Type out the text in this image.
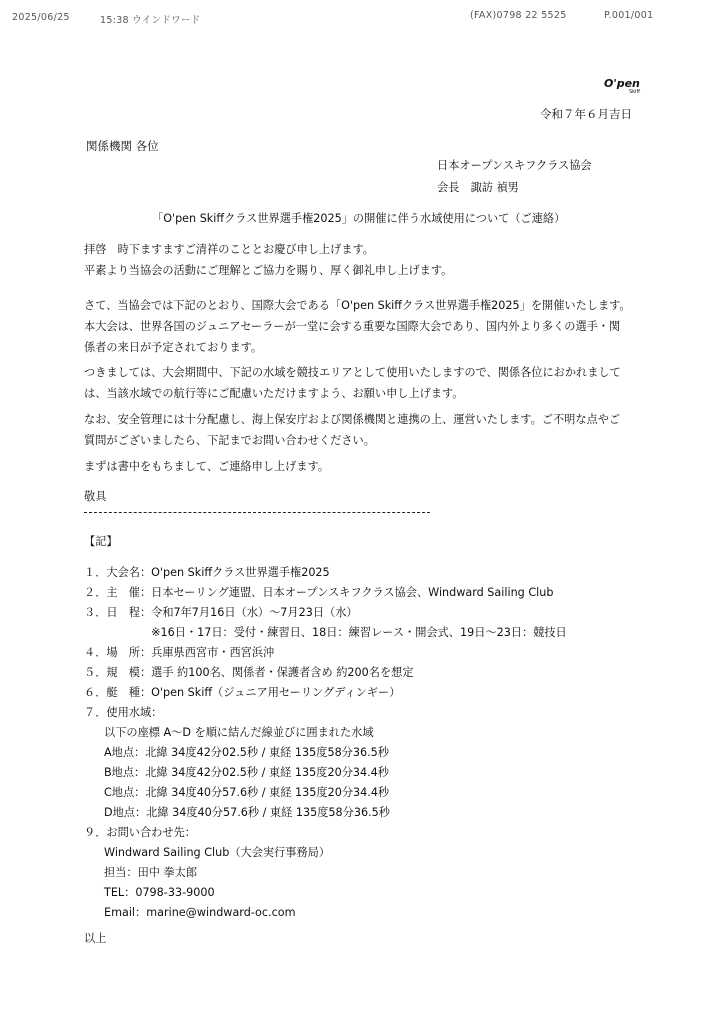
2025/06/25	15:38 ウインドワード	(FAX)0798 22 5525	P.001/001
O'pen
Skiff
令和７年６月吉日
関係機関 各位
日本オープンスキフクラス協会
会長　諏訪 禎男
「O'pen Skiffクラス世界選手権2025」の開催に伴う水域使用について（ご連絡）
拝啓　時下ますますご清祥のこととお慶び申し上げます。
平素より当協会の活動にご理解とご協力を賜り、厚く御礼申し上げます。
さて、当協会では下記のとおり、国際大会である「O'pen Skiffクラス世界選手権2025」を開催いたします。
本大会は、世界各国のジュニアセーラーが一堂に会する重要な国際大会であり、国内外より多くの選手・関
係者の来日が予定されております。
つきましては、大会期間中、下記の水域を競技エリアとして使用いたしますので、関係各位におかれまして
は、当該水域での航行等にご配慮いただけますよう、お願い申し上げます。
なお、安全管理には十分配慮し、海上保安庁および関係機関と連携の上、運営いたします。ご不明な点やご
質問がございましたら、下記までお問い合わせください。
まずは書中をもちまして、ご連絡申し上げます。
敬具
【記】
１．大会名：O'pen Skiffクラス世界選手権2025
２．主　催：日本セーリング連盟、日本オープンスキフクラス協会、Windward Sailing Club
３．日　程：令和7年7月16日（水）～7月23日（水）
　　　　　　※16日・17日：受付・練習日、18日：練習レース・開会式、19日～23日：競技日
４．場　所：兵庫県西宮市・西宮浜沖
５．規　模：選手 約100名、関係者・保護者含め 約200名を想定
６．艇　種：O'pen Skiff（ジュニア用セーリングディンギー）
７．使用水域：
以下の座標 A～D を順に結んだ線並びに囲まれた水域
A地点：北緯 34度42分02.5秒 / 東経 135度58分36.5秒
B地点：北緯 34度42分02.5秒 / 東経 135度20分34.4秒
C地点：北緯 34度40分57.6秒 / 東経 135度20分34.4秒
D地点：北緯 34度40分57.6秒 / 東経 135度58分36.5秒
９．お問い合わせ先：
Windward Sailing Club（大会実行事務局）
担当：田中 拳太郎
TEL：0798-33-9000
Email：marine@windward-oc.com
以上
